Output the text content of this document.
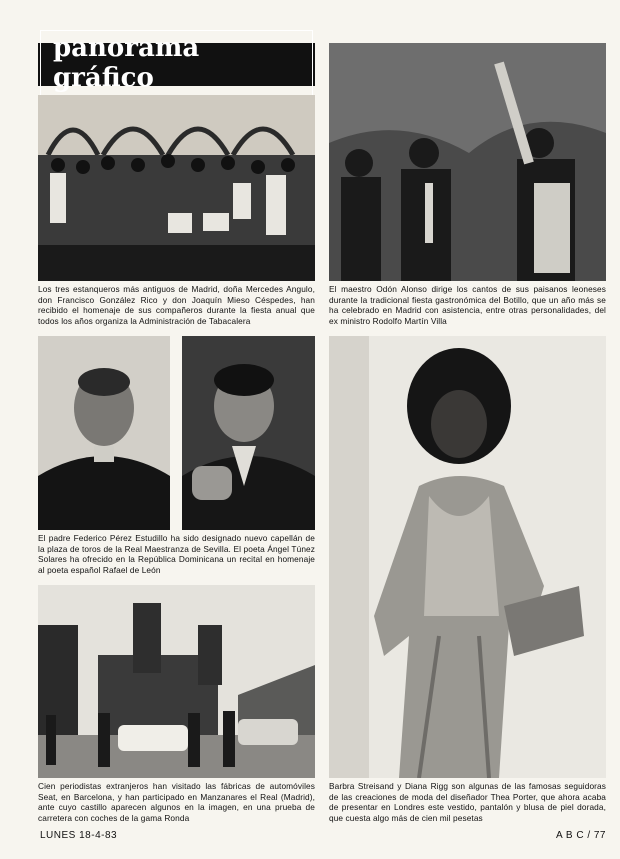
panorama gráfico
Los tres estanqueros más antiguos de Madrid, doña Mercedes Angulo, don Francisco González Rico y don Joaquín Mieso Céspedes, han recibido el homenaje de sus compañeros durante la fiesta anual que todos los años organiza la Administración de Tabacalera
El maestro Odón Alonso dirige los cantos de sus paisanos leoneses durante la tradicional fiesta gastronómica del Botillo, que un año más se ha celebrado en Madrid con asistencia, entre otras personalidades, del ex ministro Rodolfo Martín Villa
El padre Federico Pérez Estudillo ha sido designado nuevo capellán de la plaza de toros de la Real Maestranza de Sevilla. El poeta Ángel Túnez Solares ha ofrecido en la República Dominicana un recital en homenaje al poeta español Rafael de León
Cien periodistas extranjeros han visitado las fábricas de automóviles Seat, en Barcelona, y han participado en Manzanares el Real (Madrid), ante cuyo castillo aparecen algunos en la imagen, en una prueba de carretera con coches de la gama Ronda
Barbra Streisand y Diana Rigg son algunas de las famosas seguidoras de las creaciones de moda del diseñador Thea Porter, que ahora acaba de presentar en Londres este vestido, pantalón y blusa de piel dorada, que cuesta algo más de cien mil pesetas
LUNES 18-4-83	A B C / 77
